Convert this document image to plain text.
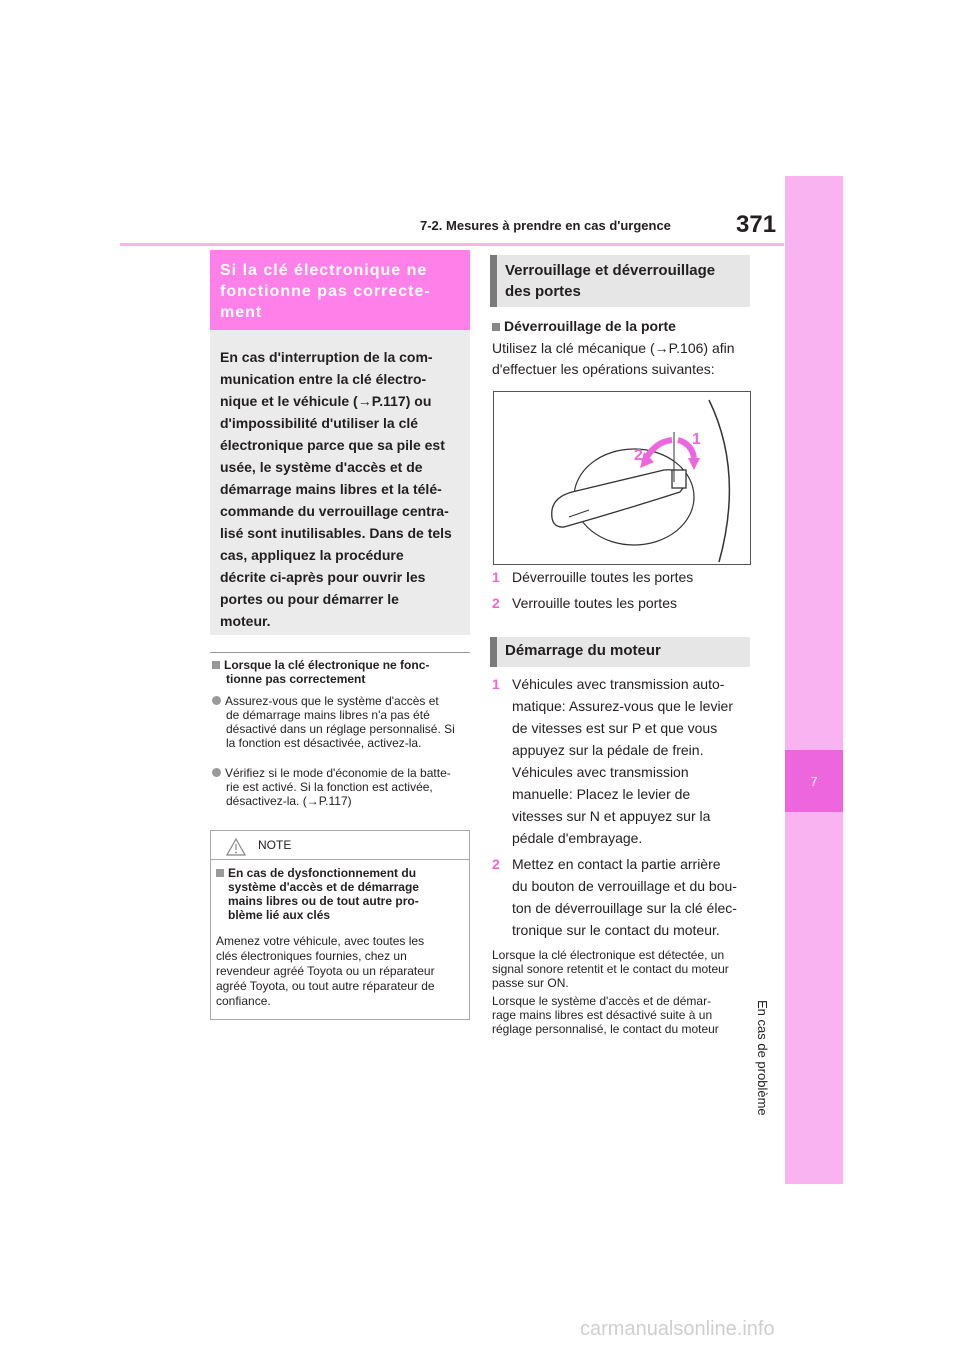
7-2. Mesures à prendre en cas d'urgence	371
7
En cas de problème
Si la clé électronique ne
fonctionne pas correcte-
ment
En cas d'interruption de la com-
munication entre la clé électro-
nique et le véhicule (→P.117) ou
d'impossibilité d'utiliser la clé
électronique parce que sa pile est
usée, le système d'accès et de
démarrage mains libres et la télé-
commande du verrouillage centra-
lisé sont inutilisables. Dans de tels
cas, appliquez la procédure
décrite ci-après pour ouvrir les
portes ou pour démarrer le
moteur.
Lorsque la clé électronique ne fonc-
tionne pas correctement
Assurez-vous que le système d'accès et
de démarrage mains libres n'a pas été
désactivé dans un réglage personnalisé. Si
la fonction est désactivée, activez-la.
Vérifiez si le mode d'économie de la batte-
rie est activé. Si la fonction est activée,
désactivez-la. (→P.117)
NOTE
En cas de dysfonctionnement du
système d'accès et de démarrage
mains libres ou de tout autre pro-
blème lié aux clés
Amenez votre véhicule, avec toutes les
clés électroniques fournies, chez un
revendeur agréé Toyota ou un réparateur
agréé Toyota, ou tout autre réparateur de
confiance.
Verrouillage et déverrouillage
des portes
Déverrouillage de la porte
Utilisez la clé mécanique (→P.106) afin
d'effectuer les opérations suivantes:
1
2
1 Déverrouille toutes les portes
2 Verrouille toutes les portes
Démarrage du moteur
1 Véhicules avec transmission auto-
matique: Assurez-vous que le levier
de vitesses est sur P et que vous
appuyez sur la pédale de frein.
Véhicules avec transmission
manuelle: Placez le levier de
vitesses sur N et appuyez sur la
pédale d'embrayage.
2 Mettez en contact la partie arrière
du bouton de verrouillage et du bou-
ton de déverrouillage sur la clé élec-
tronique sur le contact du moteur.
Lorsque la clé électronique est détectée, un
signal sonore retentit et le contact du moteur
passe sur ON.
Lorsque le système d'accès et de démar-
rage mains libres est désactivé suite à un
réglage personnalisé, le contact du moteur
carmanualsonline.info
